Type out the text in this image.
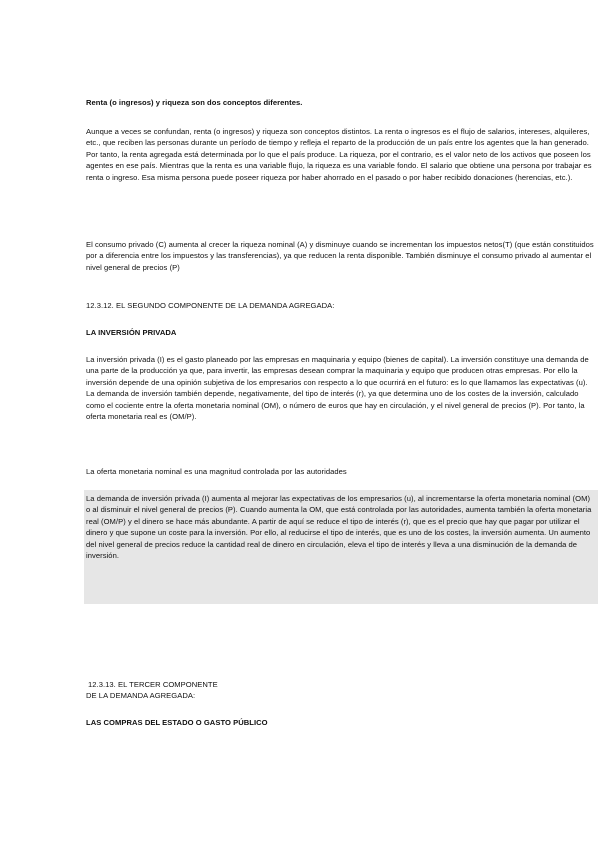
Renta (o ingresos) y riqueza son dos conceptos diferentes.

Aunque a veces se confundan, renta (o ingresos) y riqueza son conceptos distintos. La renta o ingresos es el flujo de salarios, intereses, alquileres, etc., que reciben las personas durante un período de tiempo y refleja el reparto de la producción de un país entre los agentes que la han generado. Por tanto, la renta agregada está determinada por lo que el país produce. La riqueza, por el contrario, es el valor neto de los activos que poseen los agentes en ese país. Mientras que la renta es una variable flujo, la riqueza es una variable fondo. El salario que obtiene una persona por trabajar es renta o ingreso. Esa misma persona puede poseer riqueza por haber ahorrado en el pasado o por haber recibido donaciones (herencias, etc.).

El consumo privado (C) aumenta al crecer la riqueza nominal (A) y disminuye cuando se incrementan los impuestos netos(T) (que están constituidos por a diferencia entre los impuestos y las transferencias), ya que reducen la renta disponible. También disminuye el consumo privado al aumentar el nivel general de precios (P)

12.3.12. EL SEGUNDO COMPONENTE DE LA DEMANDA AGREGADA:

LA INVERSIÓN PRIVADA

La inversión privada (I) es el gasto planeado por las empresas en maquinaria y equipo (bienes de capital). La inversión constituye una demanda de una parte de la producción ya que, para invertir, las empresas desean comprar la maquinaria y equipo que producen otras empresas. Por ello la inversión depende de una opinión subjetiva de los empresarios con respecto a lo que ocurrirá en el futuro: es lo que llamamos las expectativas (u). La demanda de inversión también depende, negativamente, del tipo de interés (r), ya que determina uno de los costes de la inversión, calculado como el cociente entre la oferta monetaria nominal (OM), o número de euros que hay en circulación, y el nivel general de precios (P). Por tanto, la oferta monetaria real es (OM/P).

La oferta monetaria nominal es una magnitud controlada por las autoridades

La demanda de inversión privada (I) aumenta al mejorar las expectativas de los empresarios (u), al incrementarse la oferta monetaria nominal (OM) o al disminuir el nivel general de precios (P). Cuando aumenta la OM, que está controlada por las autoridades, aumenta también la oferta monetaria real (OM/P) y el dinero se hace más abundante. A partir de aquí se reduce el tipo de interés (r), que es el precio que hay que pagar por utilizar el dinero y que supone un coste para la inversión. Por ello, al reducirse el tipo de interés, que es uno de los costes, la inversión aumenta. Un aumento del nivel general de precios reduce la cantidad real de dinero en circulación, eleva el tipo de interés y lleva a una disminución de la demanda de inversión.

12.3.13. EL TERCER COMPONENTE

DE LA DEMANDA AGREGADA:

LAS COMPRAS DEL ESTADO O GASTO PÚBLICO
